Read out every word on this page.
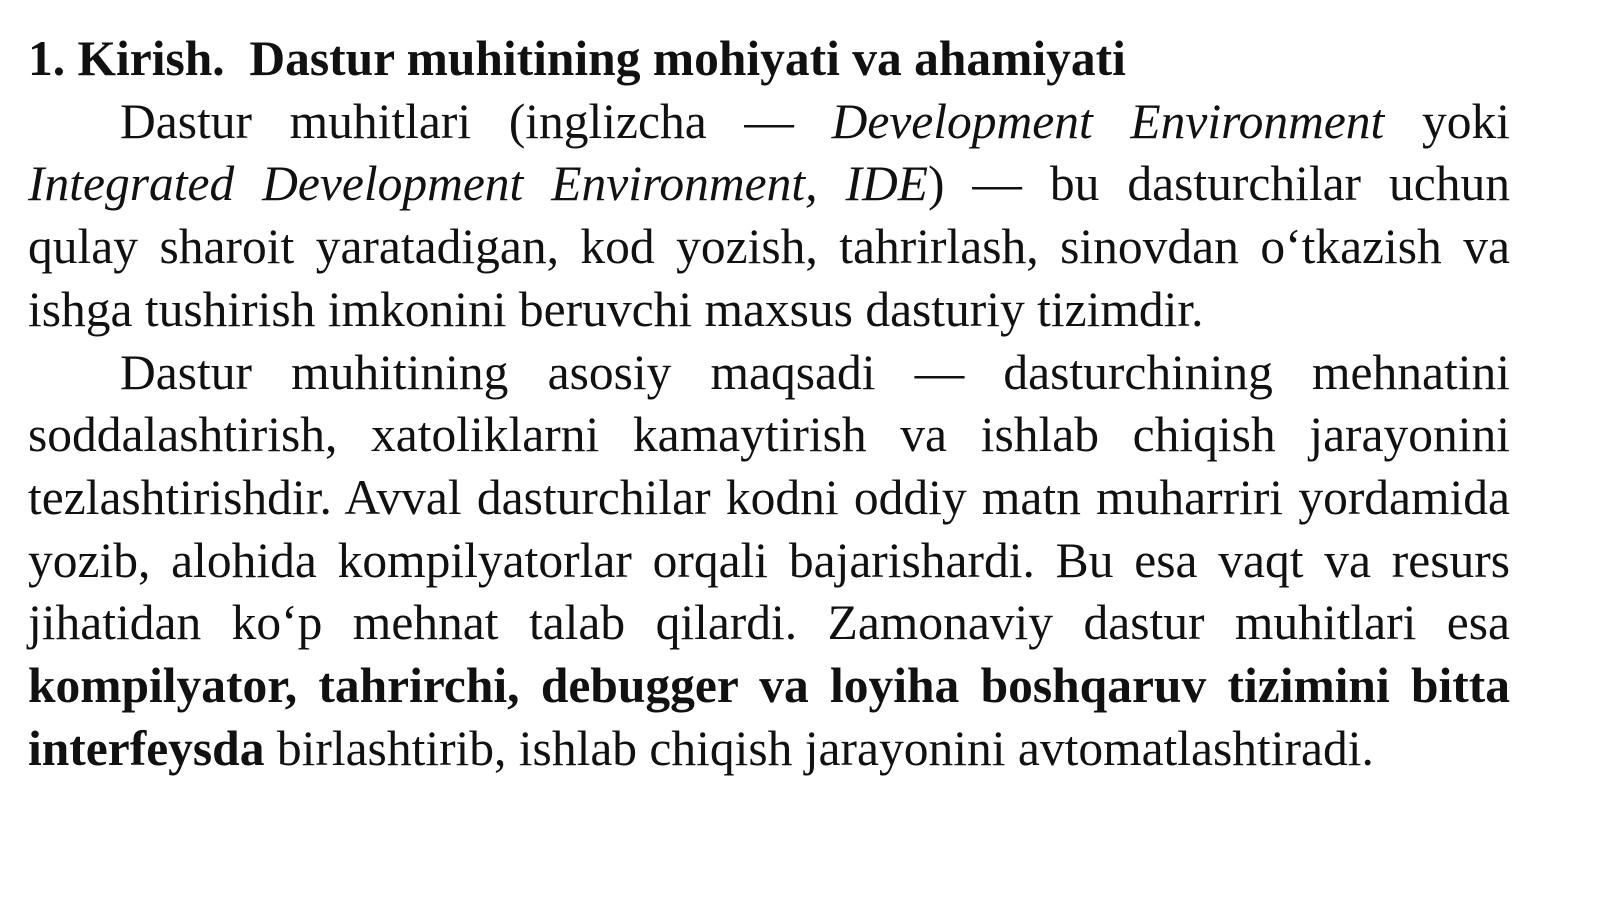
1. Kirish.  Dastur muhitining mohiyati va ahamiyati

Dastur muhitlari (inglizcha — Development Environment yoki Integrated Development Environment, IDE) — bu dasturchilar uchun qulay sharoit yaratadigan, kod yozish, tahrirlash, sinovdan o‘tkazish va ishga tushirish imkonini beruvchi maxsus dasturiy tizimdir.

Dastur muhitining asosiy maqsadi — dasturchining mehnatini soddalashtirish, xatoliklarni kamaytirish va ishlab chiqish jarayonini tezlashtirishdir. Avval dasturchilar kodni oddiy matn muharriri yordamida yozib, alohida kompilyatorlar orqali bajarishardi. Bu esa vaqt va resurs jihatidan ko‘p mehnat talab qilardi. Zamonaviy dastur muhitlari esa kompilyator, tahrirchi, debugger va loyiha boshqaruv tizimini bitta interfeysda birlashtirib, ishlab chiqish jarayonini avtomatlashtiradi.
